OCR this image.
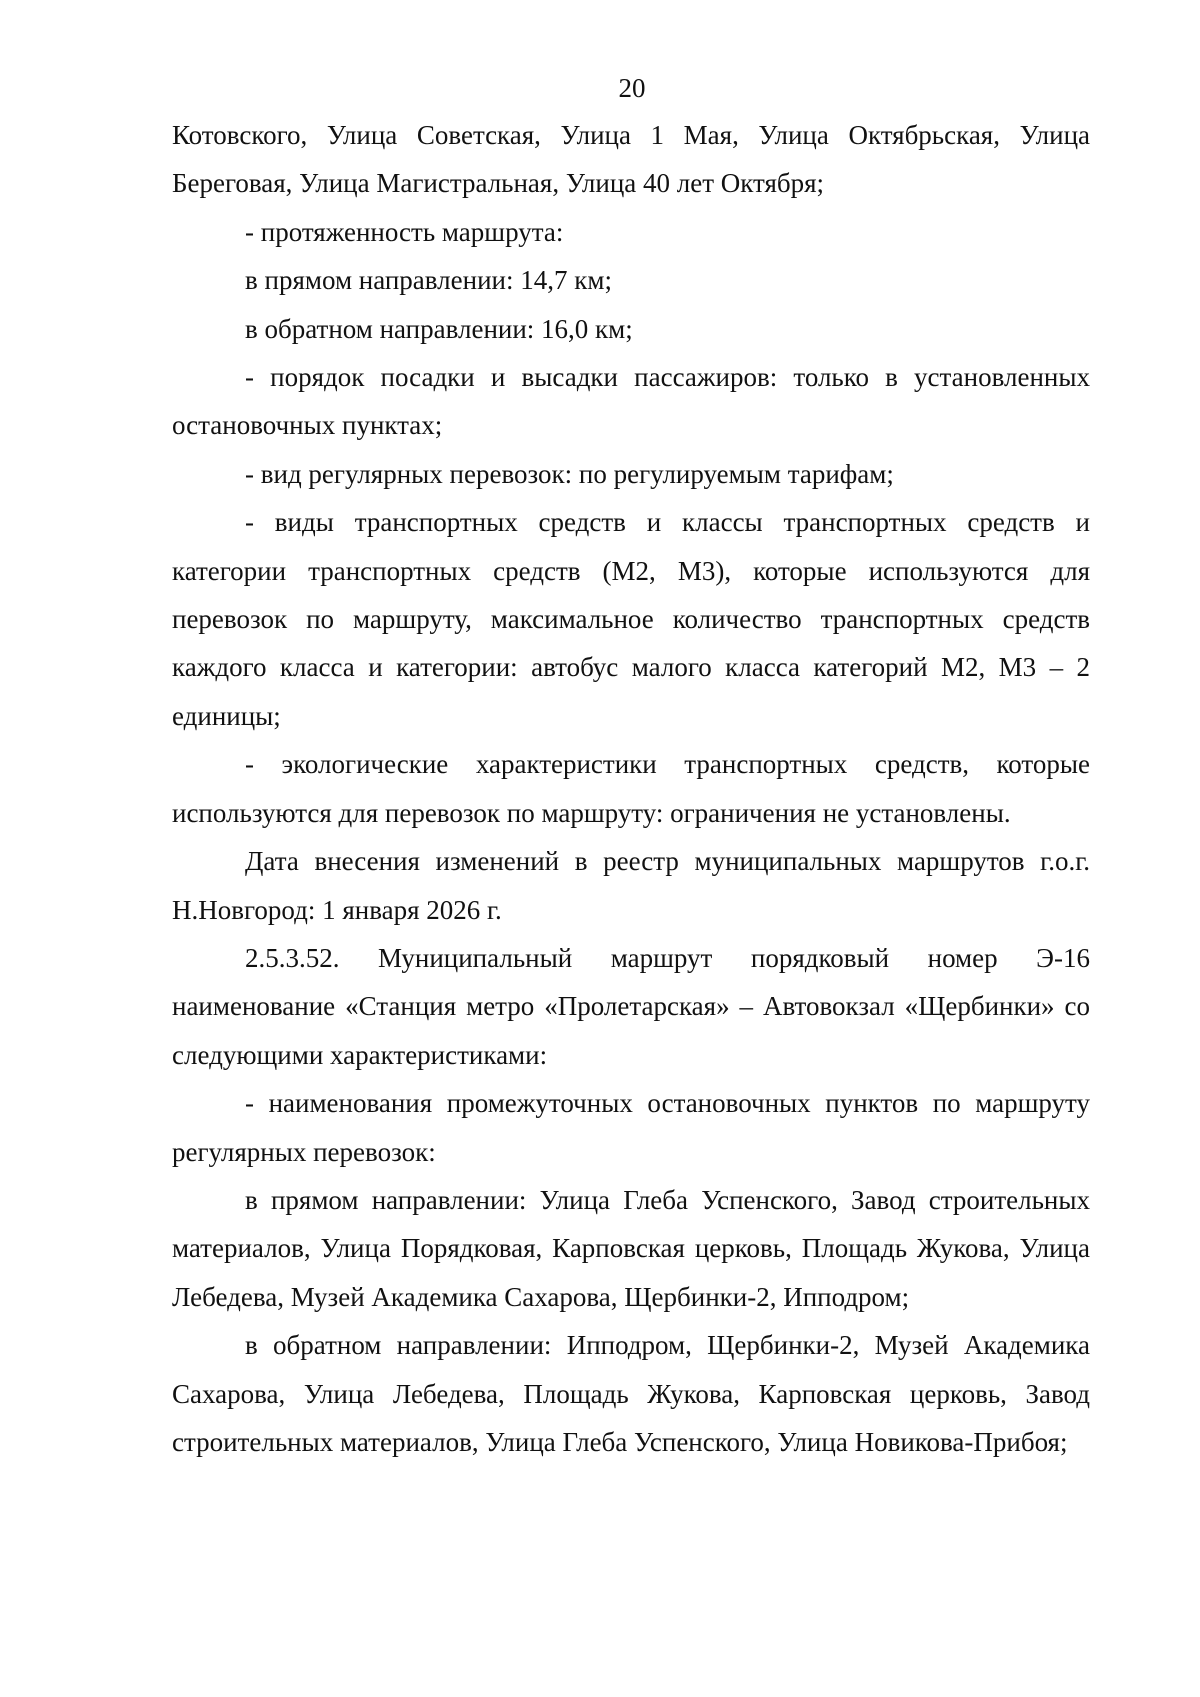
20

Котовского, Улица Советская, Улица 1 Мая, Улица Октябрьская, Улица Береговая, Улица Магистральная, Улица 40 лет Октября;

- протяженность маршрута:

в прямом направлении: 14,7 км;

в обратном направлении: 16,0 км;

- порядок посадки и высадки пассажиров: только в установленных остановочных пунктах;

- вид регулярных перевозок: по регулируемым тарифам;

- виды транспортных средств и классы транспортных средств и категории транспортных средств (М2, М3), которые используются для перевозок по маршруту, максимальное количество транспортных средств каждого класса и категории: автобус малого класса категорий М2, М3 – 2 единицы;

- экологические характеристики транспортных средств, которые используются для перевозок по маршруту: ограничения не установлены.

Дата внесения изменений в реестр муниципальных маршрутов г.о.г. Н.Новгород: 1 января 2026 г.

2.5.3.52. Муниципальный маршрут порядковый номер Э-16 наименование «Станция метро «Пролетарская» – Автовокзал «Щербинки» со следующими характеристиками:

- наименования промежуточных остановочных пунктов по маршруту регулярных перевозок:

в прямом направлении: Улица Глеба Успенского, Завод строительных материалов, Улица Порядковая, Карповская церковь, Площадь Жукова, Улица Лебедева, Музей Академика Сахарова, Щербинки-2, Ипподром;

в обратном направлении: Ипподром, Щербинки-2, Музей Академика Сахарова, Улица Лебедева, Площадь Жукова, Карповская церковь, Завод строительных материалов, Улица Глеба Успенского, Улица Новикова-Прибоя;
